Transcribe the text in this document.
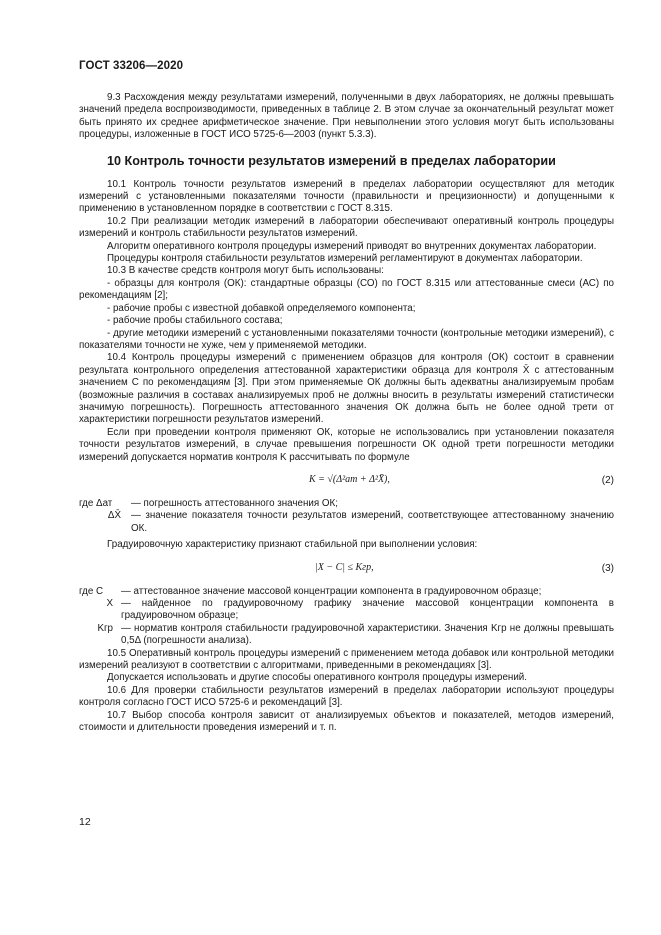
ГОСТ 33206—2020

9.3 Расхождения между результатами измерений, полученными в двух лабораториях, не должны превышать значений предела воспроизводимости, приведенных в таблице 2. В этом случае за окончательный результат может быть принято их среднее арифметическое значение. При невыполнении этого условия могут быть использованы процедуры, изложенные в ГОСТ ИСО 5725-6—2003 (пункт 5.3.3).

10 Контроль точности результатов измерений в пределах лаборатории

10.1 Контроль точности результатов измерений в пределах лаборатории осуществляют для методик измерений с установленными показателями точности (правильности и прецизионности) и допущенными к применению в установленном порядке в соответствии с ГОСТ 8.315.

10.2 При реализации методик измерений в лаборатории обеспечивают оперативный контроль процедуры измерений и контроль стабильности результатов измерений.

Алгоритм оперативного контроля процедуры измерений приводят во внутренних документах лаборатории.

Процедуры контроля стабильности результатов измерений регламентируют в документах лаборатории.

10.3 В качестве средств контроля могут быть использованы:

- образцы для контроля (ОК): стандартные образцы (СО) по ГОСТ 8.315 или аттестованные смеси (АС) по рекомендациям [2];

- рабочие пробы с известной добавкой определяемого компонента;

- рабочие пробы стабильного состава;

- другие методики измерений с установленными показателями точности (контрольные методики измерений), с показателями точности не хуже, чем у применяемой методики.

10.4 Контроль процедуры измерений с применением образцов для контроля (ОК) состоит в сравнении результата контрольного определения аттестованной характеристики образца для контроля X̄ с аттестованным значением C по рекомендациям [3]. При этом применяемые ОК должны быть адекватны анализируемым пробам (возможные различия в составах анализируемых проб не должны вносить в результаты измерений статистически значимую погрешность). Погрешность аттестованного значения ОК должна быть не более одной трети от характеристики погрешности результатов измерений.

Если при проведении контроля применяют ОК, которые не использовались при установлении показателя точности результатов измерений, в случае превышения погрешности ОК одной трети погрешности методики измерений допускается норматив контроля K рассчитывать по формуле

K = √(Δ²ат + Δ²X̄),	(2)
где Δат	— погрешность аттестованного значения ОК;
ΔX̄	— значение показателя точности результатов измерений, соответствующее аттестованному значению ОК.

Градуировочную характеристику признают стабильной при выполнении условия:

|X − C| ≤ Kгр,	(3)
где C	— аттестованное значение массовой концентрации компонента в градуировочном образце;
X — найденное по градуировочному графику значение массовой концентрации компонента в градуировочном образце;
Kгр — норматив контроля стабильности градуировочной характеристики. Значения Kгр не должны превышать 0,5Δ (погрешности анализа).

10.5 Оперативный контроль процедуры измерений с применением метода добавок или контрольной методики измерений реализуют в соответствии с алгоритмами, приведенными в рекомендациях [3].

Допускается использовать и другие способы оперативного контроля процедуры измерений.

10.6 Для проверки стабильности результатов измерений в пределах лаборатории используют процедуры контроля согласно ГОСТ ИСО 5725-6 и рекомендаций [3].

10.7 Выбор способа контроля зависит от анализируемых объектов и показателей, методов измерений, стоимости и длительности проведения измерений и т. п.

12
